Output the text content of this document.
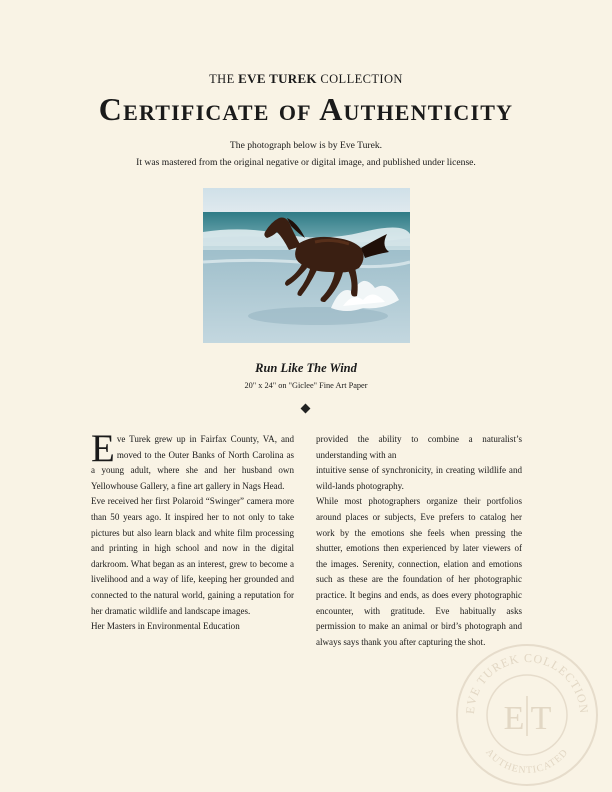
THE EVE TUREK COLLECTION
Certificate of Authenticity
The photograph below is by Eve Turek.
It was mastered from the original negative or digital image, and published under license.
Run Like The Wind
20" x 24" on "Giclee" Fine Art Paper

Eve Turek grew up in Fairfax County, VA, and moved to the Outer Banks of North Carolina as a young adult, where she and her husband own Yellowhouse Gallery, a fine art gallery in Nags Head.

Eve received her first Polaroid “Swinger” camera more than 50 years ago. It inspired her to not only to take pictures but also learn black and white film processing and printing in high school and now in the digital darkroom. What began as an interest, grew to become a livelihood and a way of life, keeping her grounded and connected to the natural world, gaining a reputation for her dramatic wildlife and landscape images.

Her Masters in Environmental Education

provided the ability to combine a naturalist’s understanding with an

intuitive sense of synchronicity, in creating wildlife and wild-lands photography.

While most photographers organize their portfolios around places or subjects, Eve prefers to catalog her work by the emotions she feels when pressing the shutter, emotions then experienced by later viewers of the images. Serenity, connection, elation and emotions such as these are the foundation of her photographic practice. It begins and ends, as does every photographic encounter, with gratitude. Eve habitually asks permission to make an animal or bird’s photograph and always says thank you after capturing the shot.

EVE TUREK COLLECTION
AUTHENTICATED
E T
